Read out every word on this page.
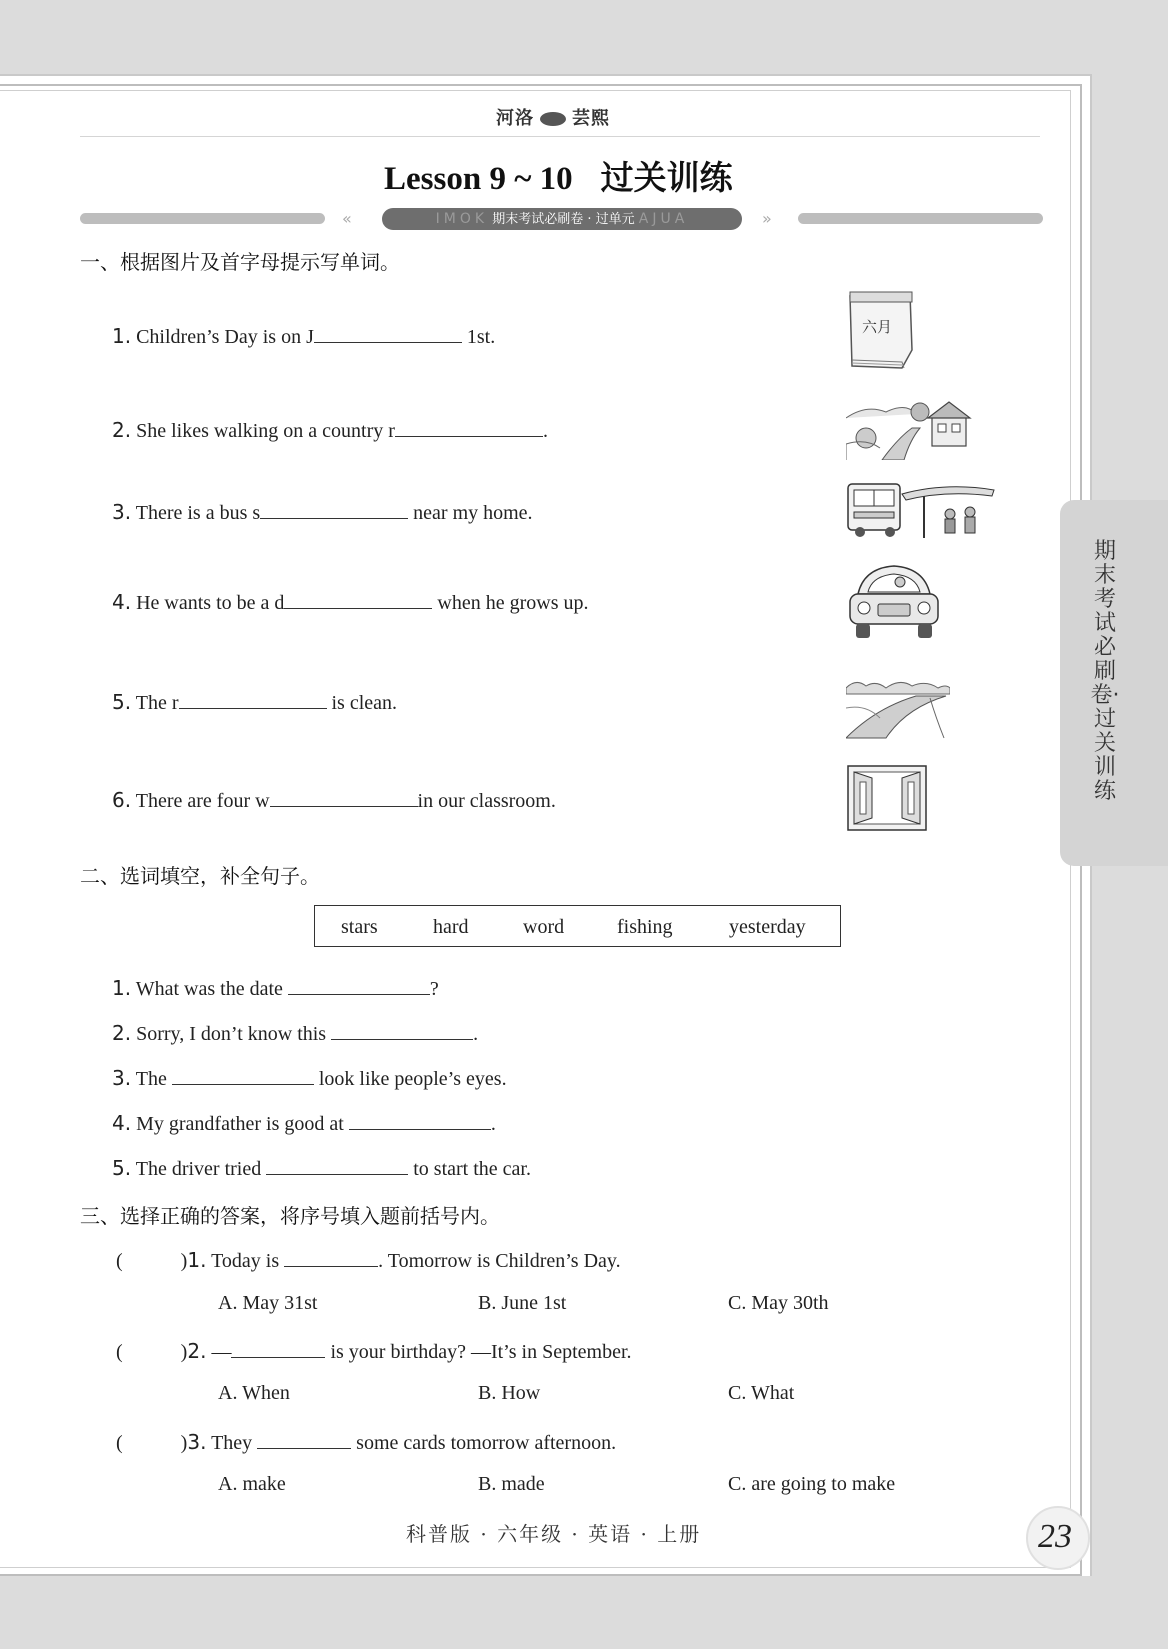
河洛 芸熙
Lesson 9 ~ 10 过关训练
«	IMOK 期末考试必刷卷 · 过单元 AJUA	»
一、根据图片及首字母提示写单词。
1. Children’s Day is on J	1st.
2. She likes walking on a country r	.
3. There is a bus s	near my home.
4. He wants to be a d	when he grows up.
5. The r	is clean.
6. There are four w	in our classroom.
六月
二、选词填空，补全句子。
stars	hard	word	fishing	yesterday
1. What was the date	?
2. Sorry, I don’t know this	.
3. The	look like people’s eyes.
4. My grandfather is good at	.
5. The driver tried	to start the car.
三、选择正确的答案，将序号填入题前括号内。
(	)1. Today is	. Tomorrow is Children’s Day.
A. May 31st	B. June 1st	C. May 30th
(	)2. —	is your birthday? —It’s in September.
A. When	B. How	C. What
(	)3. They	some cards tomorrow afternoon.
A. make	B. made	C. are going to make
期末考试必刷卷·过关训练
科普版 · 六年级 · 英语 · 上册	23
